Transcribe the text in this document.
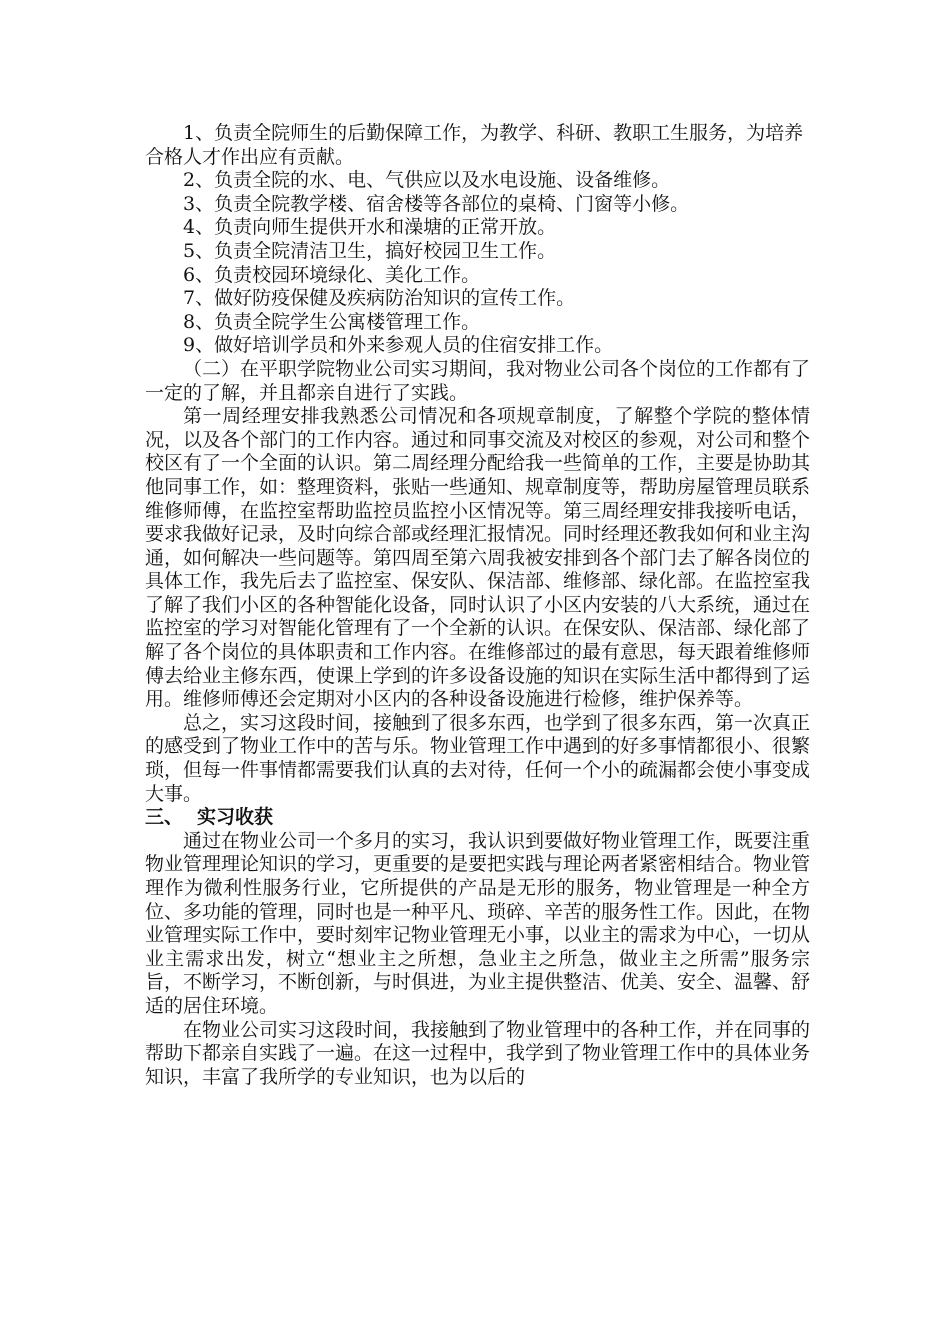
1、负责全院师生的后勤保障工作，为教学、科研、教职工生服务，为培养合格人才作出应有贡献。

2、负责全院的水、电、气供应以及水电设施、设备维修。

3、负责全院教学楼、宿舍楼等各部位的桌椅、门窗等小修。

4、负责向师生提供开水和澡塘的正常开放。

5、负责全院清洁卫生，搞好校园卫生工作。

6、负责校园环境绿化、美化工作。

7、做好防疫保健及疾病防治知识的宣传工作。

8、负责全院学生公寓楼管理工作。

9、做好培训学员和外来参观人员的住宿安排工作。

（二）在平职学院物业公司实习期间，我对物业公司各个岗位的工作都有了一定的了解，并且都亲自进行了实践。

第一周经理安排我熟悉公司情况和各项规章制度，了解整个学院的整体情况，以及各个部门的工作内容。通过和同事交流及对校区的参观，对公司和整个校区有了一个全面的认识。第二周经理分配给我一些简单的工作，主要是协助其他同事工作，如：整理资料，张贴一些通知、规章制度等，帮助房屋管理员联系维修师傅，在监控室帮助监控员监控小区情况等。第三周经理安排我接听电话，要求我做好记录，及时向综合部或经理汇报情况。同时经理还教我如何和业主沟通，如何解决一些问题等。第四周至第六周我被安排到各个部门去了解各岗位的具体工作，我先后去了监控室、保安队、保洁部、维修部、绿化部。在监控室我了解了我们小区的各种智能化设备，同时认识了小区内安装的八大系统，通过在监控室的学习对智能化管理有了一个全新的认识。在保安队、保洁部、绿化部了解了各个岗位的具体职责和工作内容。在维修部过的最有意思，每天跟着维修师傅去给业主修东西，使课上学到的许多设备设施的知识在实际生活中都得到了运用。维修师傅还会定期对小区内的各种设备设施进行检修，维护保养等。

总之，实习这段时间，接触到了很多东西，也学到了很多东西，第一次真正的感受到了物业工作中的苦与乐。物业管理工作中遇到的好多事情都很小、很繁琐，但每一件事情都需要我们认真的去对待，任何一个小的疏漏都会使小事变成大事。

三、 实习收获

通过在物业公司一个多月的实习，我认识到要做好物业管理工作，既要注重物业管理理论知识的学习，更重要的是要把实践与理论两者紧密相结合。物业管理作为微利性服务行业，它所提供的产品是无形的服务，物业管理是一种全方位、多功能的管理，同时也是一种平凡、琐碎、辛苦的服务性工作。因此，在物业管理实际工作中，要时刻牢记物业管理无小事，以业主的需求为中心，一切从业主需求出发，树立“想业主之所想，急业主之所急，做业主之所需”服务宗旨，不断学习，不断创新，与时俱进，为业主提供整洁、优美、安全、温馨、舒适的居住环境。

在物业公司实习这段时间，我接触到了物业管理中的各种工作，并在同事的帮助下都亲自实践了一遍。在这一过程中，我学到了物业管理工作中的具体业务知识，丰富了我所学的专业知识，也为以后的
